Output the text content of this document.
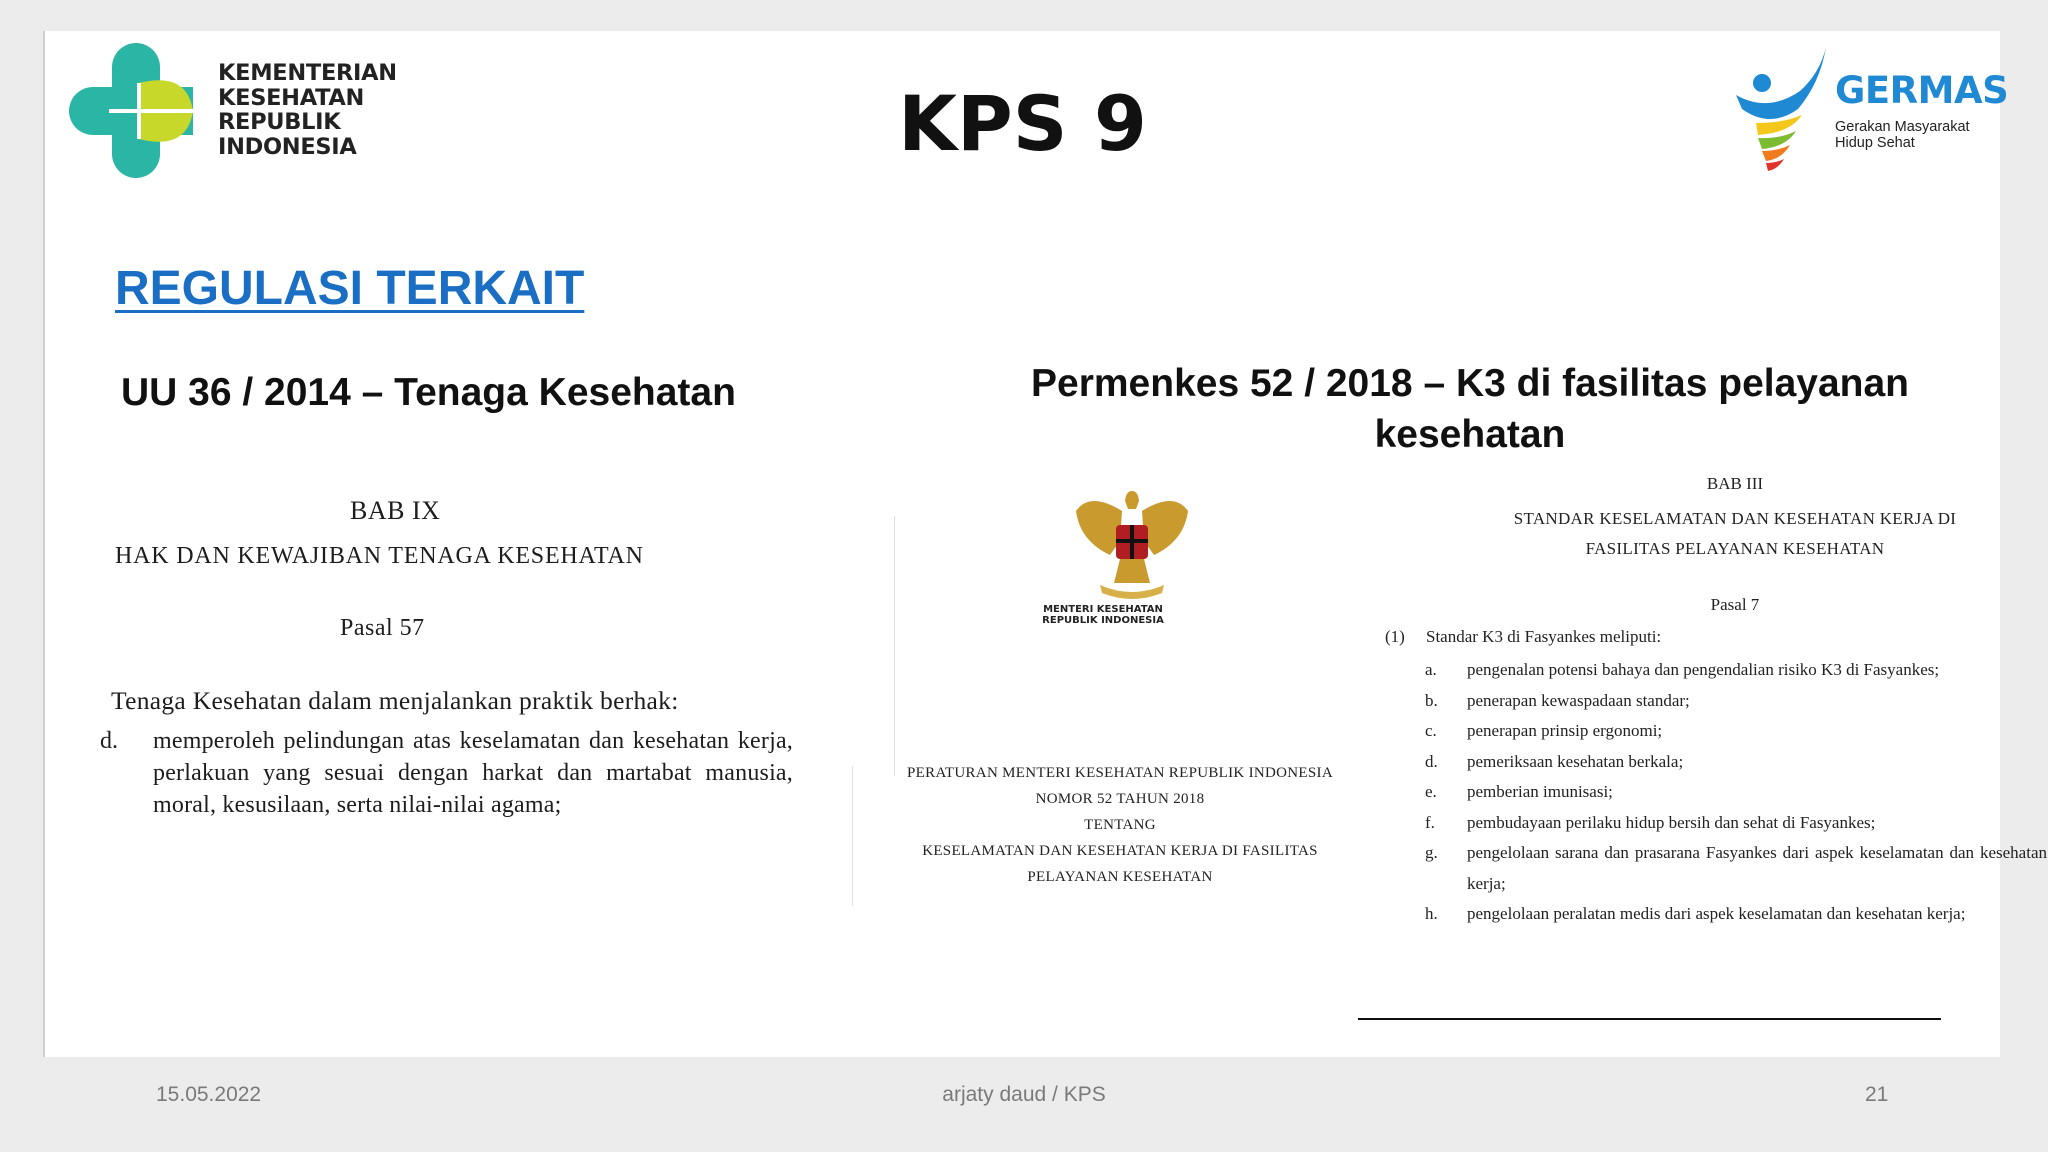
KEMENTERIAN
KESEHATAN
REPUBLIK
INDONESIA	KPS 9	GERMAS
Gerakan Masyarakat
Hidup Sehat
REGULASI TERKAIT
UU 36 / 2014 – Tenaga Kesehatan
BAB IX
HAK DAN KEWAJIBAN TENAGA KESEHATAN
Pasal 57
Tenaga Kesehatan dalam menjalankan praktik berhak:
d. memperoleh pelindungan atas keselamatan dan kesehatan kerja, perlakuan yang sesuai dengan harkat dan martabat manusia, moral, kesusilaan, serta nilai-nilai agama;
Permenkes 52 / 2018 – K3 di fasilitas pelayanan
kesehatan
MENTERI KESEHATAN
REPUBLIK INDONESIA
PERATURAN MENTERI KESEHATAN REPUBLIK INDONESIA
NOMOR 52 TAHUN 2018
TENTANG
KESELAMATAN DAN KESEHATAN KERJA DI FASILITAS
PELAYANAN KESEHATAN
BAB III
STANDAR KESELAMATAN DAN KESEHATAN KERJA DI
FASILITAS PELAYANAN KESEHATAN
Pasal 7
(1) Standar K3 di Fasyankes meliputi:
a.	pengenalan potensi bahaya dan pengendalian risiko K3 di Fasyankes;
b.	penerapan kewaspadaan standar;
c.	penerapan prinsip ergonomi;
d.	pemeriksaan kesehatan berkala;
e.	pemberian imunisasi;
f.	pembudayaan perilaku hidup bersih dan sehat di Fasyankes;
g.	pengelolaan sarana dan prasarana Fasyankes dari aspek keselamatan dan kesehatan kerja;
h.	pengelolaan peralatan medis dari aspek keselamatan dan kesehatan kerja;
15.05.2022	arjaty daud / KPS	21
